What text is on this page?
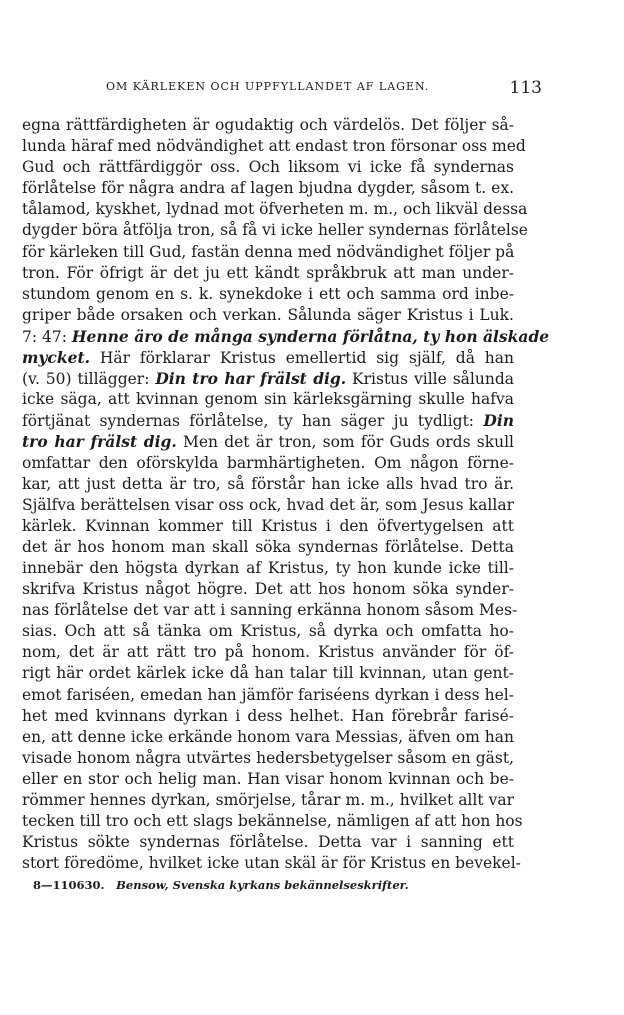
OM KÄRLEKEN OCH UPPFYLLANDET AF LAGEN.	113
egna rättfärdigheten är ogudaktig och värdelös. Det följer så-
lunda häraf med nödvändighet att endast tron försonar oss med
Gud och rättfärdiggör oss. Och liksom vi icke få syndernas
förlåtelse för några andra af lagen bjudna dygder, såsom t. ex.
tålamod, kyskhet, lydnad mot öfverheten m. m., och likväl dessa
dygder böra åtfölja tron, så få vi icke heller syndernas förlåtelse
för kärleken till Gud, fastän denna med nödvändighet följer på
tron. För öfrigt är det ju ett kändt språkbruk att man under-
stundom genom en s. k. synekdoke i ett och samma ord inbe-
griper både orsaken och verkan. Sålunda säger Kristus i Luk.
7: 47: Henne äro de många synderna förlåtna, ty hon älskade
mycket. Här förklarar Kristus emellertid sig själf, då han
(v. 50) tillägger: Din tro har frälst dig. Kristus ville sålunda
icke säga, att kvinnan genom sin kärleksgärning skulle hafva
förtjänat syndernas förlåtelse, ty han säger ju tydligt: Din
tro har frälst dig. Men det är tron, som för Guds ords skull
omfattar den oförskylda barmhärtigheten. Om någon förne-
kar, att just detta är tro, så förstår han icke alls hvad tro är.
Själfva berättelsen visar oss ock, hvad det är, som Jesus kallar
kärlek. Kvinnan kommer till Kristus i den öfvertygelsen att
det är hos honom man skall söka syndernas förlåtelse. Detta
innebär den högsta dyrkan af Kristus, ty hon kunde icke till-
skrifva Kristus något högre. Det att hos honom söka synder-
nas förlåtelse det var att i sanning erkänna honom såsom Mes-
sias. Och att så tänka om Kristus, så dyrka och omfatta ho-
nom, det är att rätt tro på honom. Kristus använder för öf-
rigt här ordet kärlek icke då han talar till kvinnan, utan gent-
emot fariséen, emedan han jämför fariséens dyrkan i dess hel-
het med kvinnans dyrkan i dess helhet. Han förebrår farisé-
en, att denne icke erkände honom vara Messias, äfven om han
visade honom några utvärtes hedersbetygelser såsom en gäst,
eller en stor och helig man. Han visar honom kvinnan och be-
römmer hennes dyrkan, smörjelse, tårar m. m., hvilket allt var
tecken till tro och ett slags bekännelse, nämligen af att hon hos
Kristus sökte syndernas förlåtelse. Detta var i sanning ett
stort föredöme, hvilket icke utan skäl är för Kristus en bevekel-
8—110630. Bensow, Svenska kyrkans bekännelseskrifter.
